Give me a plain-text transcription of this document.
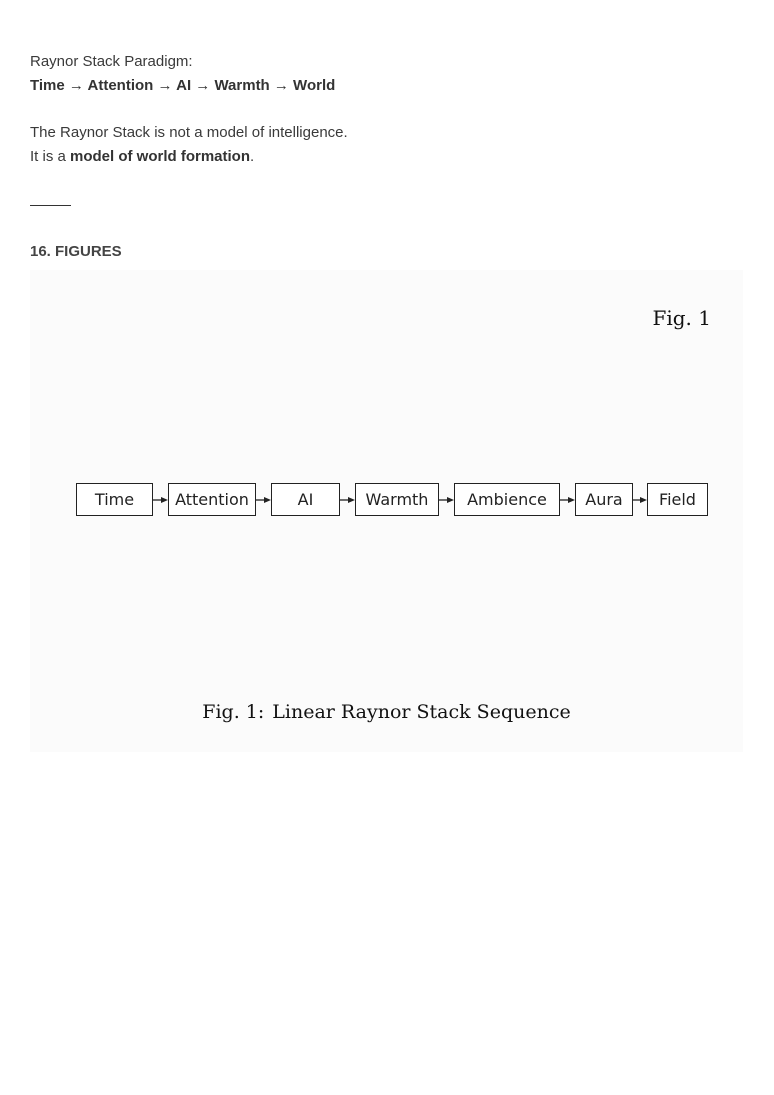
Raynor Stack Paradigm:
Time → Attention → AI → Warmth → World
The Raynor Stack is not a model of intelligence.
It is a model of world formation.
16. FIGURES
Fig. 1
Time	Attention	AI	Warmth	Ambience	Aura	Field
Fig. 1: Linear Raynor Stack Sequence
